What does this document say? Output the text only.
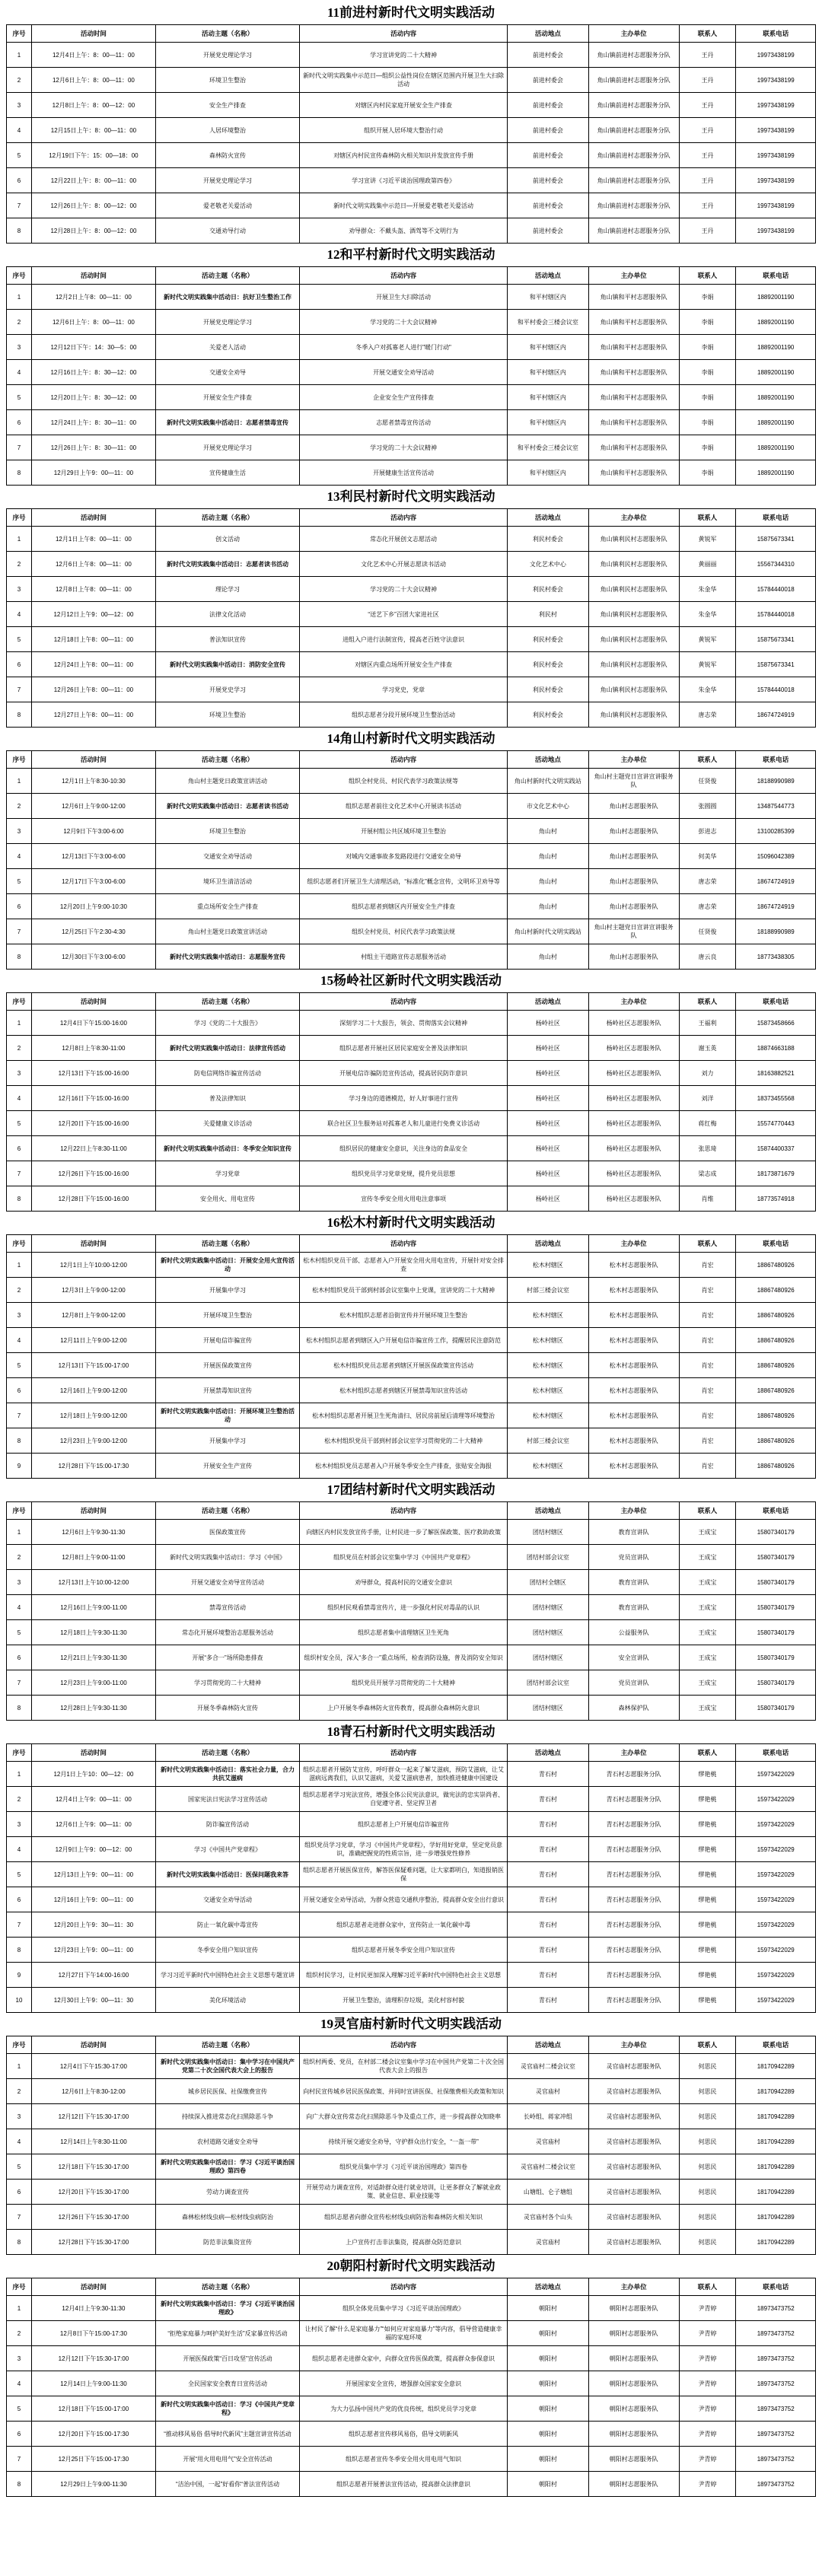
11前进村新时代文明实践活动
序号	活动时间	活动主题（名称）	活动内容	活动地点	主办单位	联系人	联系电话
1	12月4日上午：8：00—11：00	开展党史理论学习	学习宣讲党的二十大精神	前进村委会	角山镇前进村志愿服务分队	王丹	19973438199
2	12月6日上午：8：00—11：00	环境卫生整治	新时代文明实践集中示范日—组织公益性岗位在辖区范围内开展卫生大扫除活动	前进村委会	角山镇前进村志愿服务分队	王丹	19973438199
3	12月8日上午：8：00—12：00	安全生产排查	对辖区内村民家庭开展安全生产排查	前进村委会	角山镇前进村志愿服务分队	王丹	19973438199
4	12月15日上午：8：00—11：00	人居环境整治	组织开展人居环境大整治行动	前进村委会	角山镇前进村志愿服务分队	王丹	19973438199
5	12月19日下午：15：00—18：00	森林防火宣传	对辖区内村民宣传森林防火相关知识并发放宣传手册	前进村委会	角山镇前进村志愿服务分队	王丹	19973438199
6	12月22日上午：8：00—11：00	开展党史理论学习	学习宣讲《习近平谈治国理政第四卷》	前进村委会	角山镇前进村志愿服务分队	王丹	19973438199
7	12月26日上午：8：00—12：00	爱老敬老关爱活动	新时代文明实践集中示范日—开展爱老敬老关爱活动	前进村委会	角山镇前进村志愿服务分队	王丹	19973438199
8	12月28日上午：8：00—12：00	交通劝导行动	劝导群众：不戴头盔、酒驾等不文明行为	前进村委会	角山镇前进村志愿服务分队	王丹	19973438199
12和平村新时代文明实践活动
序号	活动时间	活动主题（名称）	活动内容	活动地点	主办单位	联系人	联系电话
1	12月2日上午8：00—11：00	新时代文明实践集中活动日：抗好卫生整治工作	开展卫生大扫除活动	和平村辖区内	角山镇和平村志愿服务队	李娟	18892001190
2	12月6日上午：8：00—11：00	开展党史理论学习	学习党的二十大会议精神	和平村委会三楼会议室	角山镇和平村志愿服务队	李娟	18892001190
3	12月12日下午：14：30—5：00	关爱老人活动	冬季入户对孤寡老人进行"暖门行动"	和平村辖区内	角山镇和平村志愿服务队	李娟	18892001190
4	12月16日上午：8：30—12：00	交通安全劝导	开展交通安全劝导活动	和平村辖区内	角山镇和平村志愿服务队	李娟	18892001190
5	12月20日上午：8：30—12：00	开展安全生产排查	企业安全生产宣传排查	和平村辖区内	角山镇和平村志愿服务队	李娟	18892001190
6	12月24日上午：8：30—11：00	新时代文明实践集中活动日：志愿者禁毒宣传	志愿者禁毒宣传活动	和平村辖区内	角山镇和平村志愿服务队	李娟	18892001190
7	12月26日上午：8：30—11：00	开展党史理论学习	学习党的二十大会议精神	和平村委会三楼会议室	角山镇和平村志愿服务队	李娟	18892001190
8	12月29日上午9：00—11：00	宣传健康生活	开展健康生活宣传活动	和平村辖区内	角山镇和平村志愿服务队	李娟	18892001190
13利民村新时代文明实践活动
序号	活动时间	活动主题（名称）	活动内容	活动地点	主办单位	联系人	联系电话
1	12月1日上午8：00—11：00	创文活动	常态化开展创文志愿活动	利民村委会	角山镇利民村志愿服务队	黄锐军	15875673341
2	12月6日上午8：00—11：00	新时代文明实践集中活动日：志愿者读书活动	文化艺术中心开展志愿读书活动	文化艺术中心	角山镇利民村志愿服务队	黄丽丽	15567344310
3	12月8日上午8：00—11：00	理论学习	学习党的二十大会议精神	利民村委会	角山镇利民村志愿服务队	朱金华	15784440018
4	12月12日上午9：00—12：00	法律文化活动	“送艺下乡”百团大家进社区	利民村	角山镇利民村志愿服务队	朱金华	15784440018
5	12月18日上午8：00—11：00	普法知识宣传	进组入户进行法制宣传，提高老百姓守法意识	利民村委会	角山镇利民村志愿服务队	黄锐军	15875673341
6	12月24日上午8：00—11：00	新时代文明实践集中活动日：消防安全宣传	对辖区内重点场所开展安全生产排查	利民村委会	角山镇利民村志愿服务队	黄锐军	15875673341
7	12月26日上午8：00—11：00	开展党史学习	学习党史，党章	利民村委会	角山镇利民村志愿服务队	朱金华	15784440018
8	12月27日上午8：00—11：00	环境卫生整治	组织志愿者分段开展环境卫生整治活动	利民村委会	角山镇利民村志愿服务队	唐志荣	18674724919
14角山村新时代文明实践活动
序号	活动时间	活动主题（名称）	活动内容	活动地点	主办单位	联系人	联系电话
1	12月1日上午8:30-10:30	角山村主题党日政策宣讲活动	组织全村党员、村民代表学习政策法规等	角山村新时代文明实践站	角山村主题党日宣讲宣讲服务队	任贤俊	18188990989
2	12月6日上午9:00-12:00	新时代文明实践集中活动日：志愿者读书活动	组织志愿者前往文化艺术中心开展读书活动	市文化艺术中心	角山村志愿服务队	张圆圆	13487544773
3	12月9日下午3:00-6:00	环境卫生整治	开展村组公共区域环境卫生整治	角山村	角山村志愿服务队	彭进志	13100285399
4	12月13日下午3:00-6:00	交通安全劝导活动	对城内交通事故多发路段进行交通安全劝导	角山村	角山村志愿服务队	何美华	15096042389
5	12月17日下午3:00-6:00	境环卫生清洁活动	组织志愿者们开展卫生大清理活动，“标准化”概念宣传，文明环卫劝导等	角山村	角山村志愿服务队	唐志荣	18674724919
6	12月20日上午9:00-10:30	重点场所安全生产排查	组织志愿者到辖区内开展安全生产排查	角山村	角山村志愿服务队	唐志荣	18674724919
7	12月25日下午2:30-4:30	角山村主题党日政策宣讲活动	组织全村党员、村民代表学习政策法规	角山村新时代文明实践站	角山村主题党日宣讲宣讲服务队	任贤俊	18188990989
8	12月30日下午3:00-6:00	新时代文明实践集中活动日：志愿服务宣传	村组主干道路宣传志愿服务活动	角山村	角山村志愿服务队	唐云良	18773438305
15杨岭社区新时代文明实践活动
序号	活动时间	活动主题（名称）	活动内容	活动地点	主办单位	联系人	联系电话
1	12月4日下午15:00-16:00	学习《党的二十大报告》	深刻学习二十大报告，领会、贯彻落实会议精神	杨岭社区	杨岭社区志愿服务队	王福利	15873458666
2	12月8日上午8:30-11:00	新时代文明实践集中活动日：法律宣传活动	组织志愿者开展社区居民家庭安全普及法律知识	杨岭社区	杨岭社区志愿服务队	谢玉英	18874663188
3	12月13日下午15:00-16:00	防电信网络诈骗宣传活动	开展电信诈骗防范宣传活动，提高居民防诈意识	杨岭社区	杨岭社区志愿服务队	刘力	18163882521
4	12月16日下午15:00-16:00	普及法律知识	学习身边的道德模范，好人好事进行宣传	杨岭社区	杨岭社区志愿服务队	刘洋	18373455568
5	12月20日下午15:00-16:00	关爱健康义诊活动	联合社区卫生服务站对孤寡老人和儿童进行免费义诊活动	杨岭社区	杨岭社区志愿服务队	蒋红梅	15574770443
6	12月22日上午8:30-11:00	新时代文明实践集中活动日：冬季安全知识宣传	组织居民的健康安全意识，关注身边的食品安全	杨岭社区	杨岭社区志愿服务队	张思琦	15874400337
7	12月26日下午15:00-16:00	学习党章	组织党员学习党章党规，提升党员思想	杨岭社区	杨岭社区志愿服务队	梁志成	18173871679
8	12月28日下午15:00-16:00	安全用火、用电宣传	宣传冬季安全用火用电注意事项	杨岭社区	杨岭社区志愿服务队	肖维	18773574918
16松木村新时代文明实践活动
序号	活动时间	活动主题（名称）	活动内容	活动地点	主办单位	联系人	联系电话
1	12月1日上午10:00-12:00	新时代文明实践集中活动日：开展安全用火宣传活动	松木村组织党员干部、志愿者入户开展安全用火用电宣传，开展针对安全排查	松木村辖区	松木村志愿服务队	肖宏	18867480926
2	12月3日上午9:00-12:00	开展集中学习	松木村组织党员干部到村部会议室集中上党课，宣讲党的二十大精神	村部三楼会议室	松木村志愿服务队	肖宏	18867480926
3	12月8日上午9:00-12:00	开展环境卫生整治	松木村组织志愿者沿街宣传并开展环境卫生整治	松木村辖区	松木村志愿服务队	肖宏	18867480926
4	12月11日上午9:00-12:00	开展电信诈骗宣传	松木村组织志愿者到辖区入户开展电信诈骗宣传工作，提醒居民注意防范	松木村辖区	松木村志愿服务队	肖宏	18867480926
5	12月13日下午15:00-17:00	开展医保政策宣传	松木村组织党员志愿者到辖区开展医保政策宣传活动	松木村辖区	松木村志愿服务队	肖宏	18867480926
6	12月16日上午9:00-12:00	开展禁毒知识宣传	松木村组织志愿者到辖区开展禁毒知识宣传活动	松木村辖区	松木村志愿服务队	肖宏	18867480926
7	12月18日上午9:00-12:00	新时代文明实践集中活动日：开展环境卫生整治活动	松木村组织志愿者开展卫生死角清扫、居民房前屋后清理等环境整治	松木村辖区	松木村志愿服务队	肖宏	18867480926
8	12月23日上午9:00-12:00	开展集中学习	松木村组织党员干部到村部会议室学习贯彻党的二十大精神	村部三楼会议室	松木村志愿服务队	肖宏	18867480926
9	12月28日下午15:00-17:30	开展安全生产宣传	松木村组织党员志愿者入户开展冬季安全生产排查，张贴安全海报	松木村辖区	松木村志愿服务队	肖宏	18867480926
17团结村新时代文明实践活动
序号	活动时间	活动主题（名称）	活动内容	活动地点	主办单位	联系人	联系电话
1	12月6日上午9:30-11:30	医保政策宣传	向辖区内村民发放宣传手册，让村民进一步了解医保政策、医疗救助政策	团结村辖区	教育宣讲队	王成宝	15807340179
2	12月8日上午9:00-11:00	新时代文明实践集中活动日：学习《中国》	组织党员在村部会议室集中学习《中国共产党章程》	团结村部会议室	党员宣讲队	王成宝	15807340179
3	12月13日上午10:00-12:00	开展交通安全劝导宣传活动	劝导群众，提高村民的交通安全意识	团结村全辖区	教育宣讲队	王成宝	15807340179
4	12月16日上午9:00-11:00	禁毒宣传活动	组织村民观看禁毒宣传片，进一步强化村民对毒品的认识	团结村辖区	教育宣讲队	王成宝	15807340179
5	12月18日上午9:30-11:30	常态化开展环境整治志愿服务活动	组织志愿者集中清理辖区卫生死角	团结村辖区	公益服务队	王成宝	15807340179
6	12月21日上午9:30-11:30	开展“多合一”场所隐患排查	组织村安全员，深入“多合一”重点场所，检查消防设施，普及消防安全知识	团结村辖区	安全宣讲队	王成宝	15807340179
7	12月23日上午9:00-11:00	学习贯彻党的二十大精神	组织党员开展学习贯彻党的二十大精神	团结村部会议室	党员宣讲队	王成宝	15807340179
8	12月28日上午9:30-11:30	开展冬季森林防火宣传	上户开展冬季森林防火宣传教育，提高群众森林防火意识	团结村辖区	森林保护队	王成宝	15807340179
18青石村新时代文明实践活动
序号	活动时间	活动主题（名称）	活动内容	活动地点	主办单位	联系人	联系电话
1	12月1日上午10：00—12：00	新时代文明实践集中活动日：落实社会力量，合力共抗艾滋病	组织志愿者开展防艾宣传，呼吁群众一起来了解艾滋病，预防艾滋病，让艾滋病远离我们，认识艾滋病，关爱艾滋病患者，加快推进健康中国建设	青石村	青石村志愿服务分队	缪艳桃	15973422029
2	12月4日上午9：00—11：00	国家宪法日宪法学习宣传活动	组织志愿者学习宪法宣传，增强全体公民宪法意识，做宪法的忠实崇尚者、自觉遵守者、坚定捍卫者	青石村	青石村志愿服务分队	缪艳桃	15973422029
3	12月6日上午9：00—11：00	防诈骗宣传活动	组织志愿者上户开展电信诈骗宣传	青石村	青石村志愿服务分队	缪艳桃	15973422029
4	12月9日上午9：00—12：00	学习《中国共产党章程》	组织党员学习党章，学习《中国共产党章程》，学好用好党章，坚定党员意识，准确把握党的性质宗旨，进一步增强党性修养	青石村	青石村志愿服务分队	缪艳桃	15973422029
5	12月13日上午9：00—11：00	新时代文明实践集中活动日：医保问题我来答	组织志愿者开展医保宣传，解答医保疑难问题，让大家都明白，知道报销医保	青石村	青石村志愿服务分队	缪艳桃	15973422029
6	12月16日上午9：00—11：00	交通安全劝导活动	开展交通安全劝导活动，为群众营造交通秩序整治，提高群众安全出行意识	青石村	青石村志愿服务分队	缪艳桃	15973422029
7	12月20日上午9：30—11：30	防止一氧化碳中毒宣传	组织志愿者走进群众家中，宣传防止一氧化碳中毒	青石村	青石村志愿服务分队	缪艳桃	15973422029
8	12月23日上午9：00—11：00	冬季安全用户知识宣传	组织志愿者开展冬季安全用户知识宣传	青石村	青石村志愿服务分队	缪艳桃	15973422029
9	12月27日下午14:00-16:00	学习习近平新时代中国特色社会主义思想专题宣讲	组织村民学习，让村民更加深入理解习近平新时代中国特色社会主义思想	青石村	青石村志愿服务分队	缪艳桃	15973422029
10	12月30日上午9：00—11：30	美化环境活动	开展卫生整治，清理积存垃圾，美化村容村貌	青石村	青石村志愿服务分队	缪艳桃	15973422029
19灵官庙村新时代文明实践活动
序号	活动时间	活动主题（名称）	活动内容	活动地点	主办单位	联系人	联系电话
1	12月4日下午15:30-17:00	新时代文明实践集中活动日：集中学习在中国共产党第二十次全国代表大会上的报告	组织村两委、党员，在村部二楼会议室集中学习在中国共产党第二十次全国代表大会上的报告	灵官庙村二楼会议室	灵官庙村志愿服务队	何思民	18170942289
2	12月6日上午8:30-12:00	城乡居民医保、社保缴费宣传	向村民宣传城乡居民医保政策、并同时宣讲医保、社保缴费相关政策和知识	灵官庙村	灵官庙村志愿服务队	何思民	18170942289
3	12月12日下午15:30-17:00	持续深入推进常态化扫黑除恶斗争	向广大群众宣传常态化扫黑除恶斗争及重点工作，进一步提高群众知晓率	长岭组、蒋家冲组	灵官庙村志愿服务队	何思民	18170942289
4	12月14日上午8:30-11:00	农村道路交通安全劝导	持续开展交通安全劝导，守护群众出行安全，“一盔一带”	灵官庙村	灵官庙村志愿服务队	何思民	18170942289
5	12月18日下午15:30-17:00	新时代文明实践集中活动日：学习《习近平谈治国理政》第四卷	组织党员集中学习《习近平谈治国理政》第四卷	灵官庙村二楼会议室	灵官庙村志愿服务队	何思民	18170942289
6	12月20日下午15:30-17:00	劳动力调查宣传	开展劳动力调查宣传，对适龄群众进行就业培训，让更多群众了解就业政策、就业信息、职业技能等	山塘组、仑子塘组	灵官庙村志愿服务队	何思民	18170942289
7	12月26日下午15:30-17:00	森林松材线虫病—松材线虫病防治	组织志愿者向群众宣传松材线虫病防治和森林防火相关知识	灵官庙村各个山头	灵官庙村志愿服务队	何思民	18170942289
8	12月28日下午15:30-17:00	防范非法集资宣传	上户宣传打击非法集资，提高群众防范意识	灵官庙村	灵官庙村志愿服务队	何思民	18170942289
20朝阳村新时代文明实践活动
序号	活动时间	活动主题（名称）	活动内容	活动地点	主办单位	联系人	联系电话
1	12月4日上午9:30-11:30	新时代文明实践集中活动日：学习《习近平谈治国理政》	组织全体党员集中学习《习近平谈治国理政》	朝阳村	朝阳村志愿服务队	尹青婷	18973473752
2	12月8日下午15:00-17:30	“拒绝家庭暴力呵护美好生活”反家暴宣传活动	让村民了解“什么是家庭暴力”“如何应对家庭暴力”等内容，倡导营造健康幸福的家庭环境	朝阳村	朝阳村志愿服务队	尹青婷	18973473752
3	12月12日下午15:30-17:00	开展医保政策“百日攻坚”宣传活动	组织志愿者走进群众家中，向群众宣传医保政策，提高群众参保意识	朝阳村	朝阳村志愿服务队	尹青婷	18973473752
4	12月14日上午9:00-11:30	全民国家安全教育日宣传活动	开展国家安全宣传，增强群众国家安全意识	朝阳村	朝阳村志愿服务队	尹青婷	18973473752
5	12月18日下午15:00-17:00	新时代文明实践集中活动日：学习《中国共产党章程》	为大力弘扬中国共产党的优良传统，组织党员学习党章	朝阳村	朝阳村志愿服务队	尹青婷	18973473752
6	12月20日下午15:00-17:30	“推动移风易俗 倡导时代新风”主题宣讲宣传活动	组织志愿者宣传移风易俗，倡导文明新风	朝阳村	朝阳村志愿服务队	尹青婷	18973473752
7	12月25日下午15:00-17:30	开展“用火用电用气”安全宣传活动	组织志愿者宣传冬季安全用火用电用气知识	朝阳村	朝阳村志愿服务队	尹青婷	18973473752
8	12月29日上午9:00-11:30	“洁治中国，一起”好看你“普法宣传活动	组织志愿者开展普法宣传活动，提高群众法律意识	朝阳村	朝阳村志愿服务队	尹青婷	18973473752
